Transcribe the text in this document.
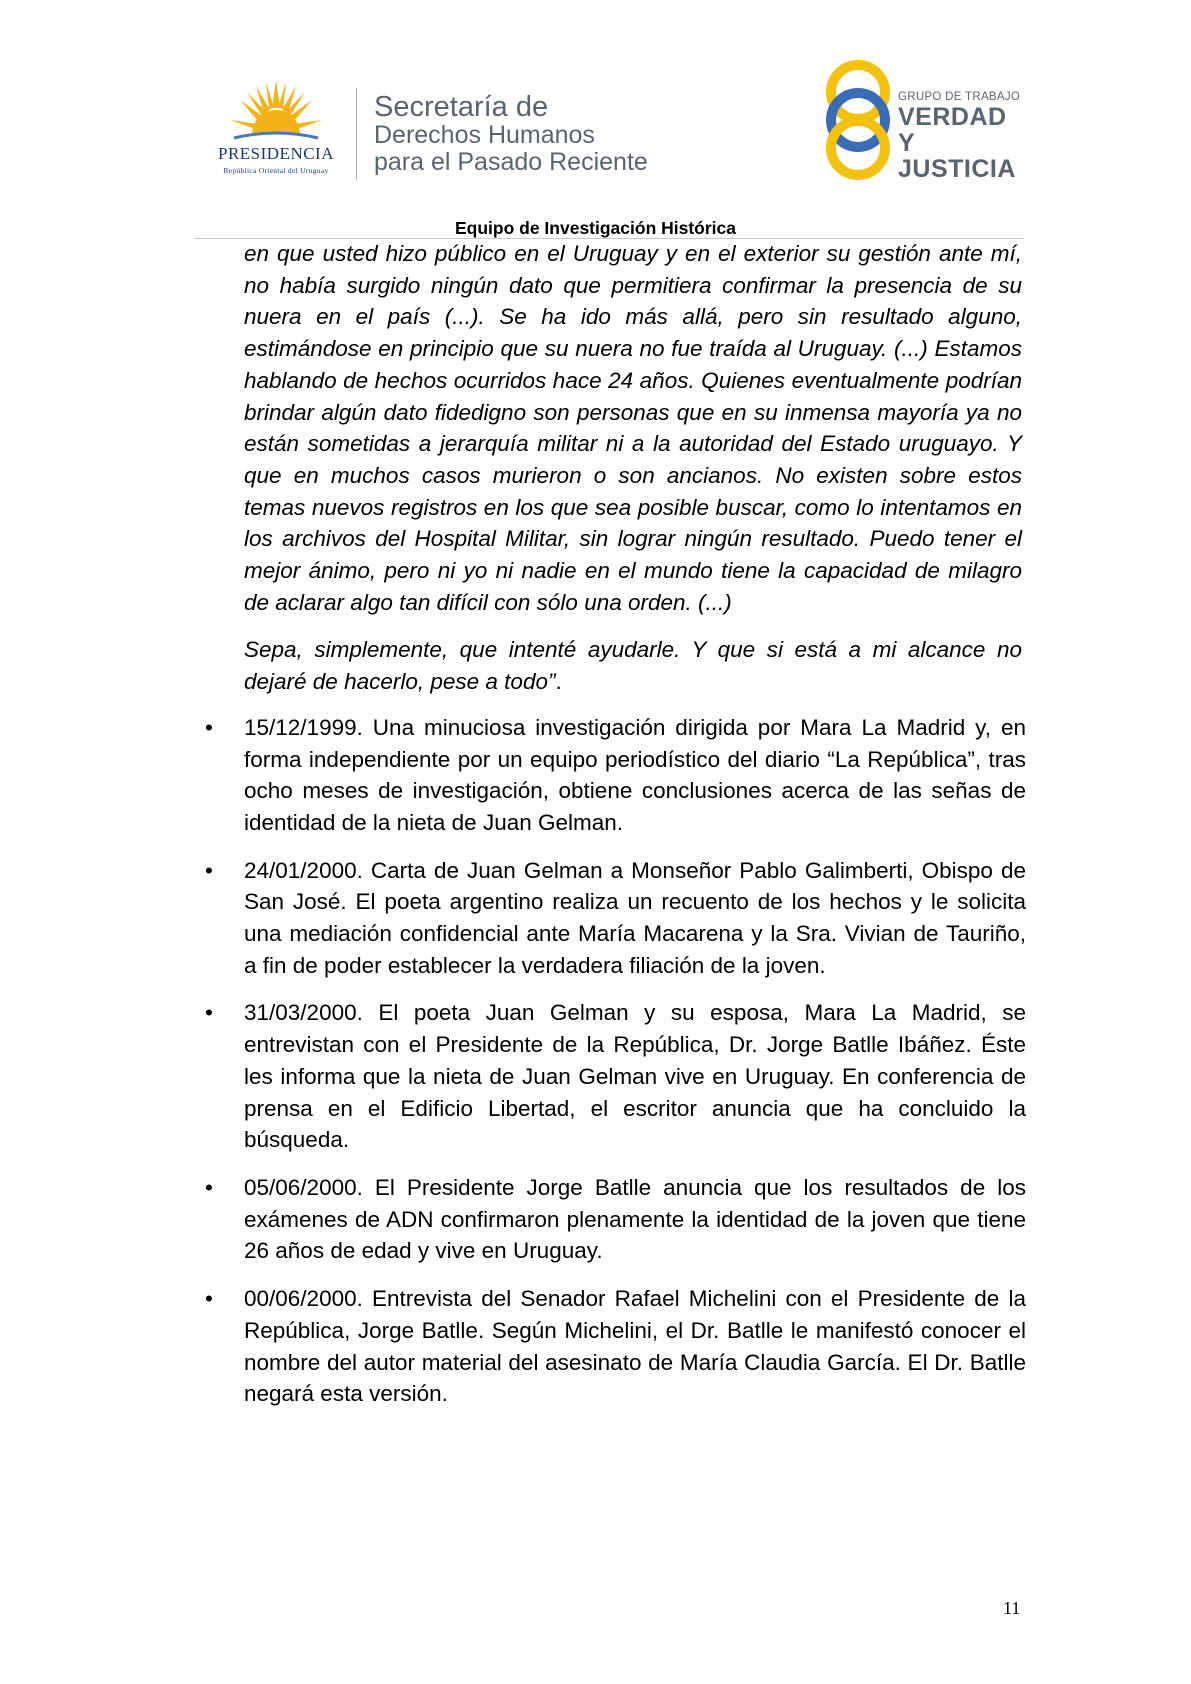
PRESIDENCIA
República Oriental del Uruguay
Secretaría de
Derechos Humanos
para el Pasado Reciente
GRUPO DE TRABAJO
VERDAD Y
JUSTICIA
Equipo de Investigación Histórica

en que usted hizo público en el Uruguay y en el exterior su gestión ante mí, no había surgido ningún dato que permitiera confirmar la presencia de su nuera en el país (...). Se ha ido más allá, pero sin resultado alguno, estimándose en principio que su nuera no fue traída al Uruguay. (...) Estamos hablando de hechos ocurridos hace 24 años. Quienes eventualmente podrían brindar algún dato fidedigno son personas que en su inmensa mayoría ya no están sometidas a jerarquía militar ni a la autoridad del Estado uruguayo. Y que en muchos casos murieron o son ancianos. No existen sobre estos temas nuevos registros en los que sea posible buscar, como lo intentamos en los archivos del Hospital Militar, sin lograr ningún resultado. Puedo tener el mejor ánimo, pero ni yo ni nadie en el mundo tiene la capacidad de milagro de aclarar algo tan difícil con sólo una orden. (...)

Sepa, simplemente, que intenté ayudarle. Y que si está a mi alcance no dejaré de hacerlo, pese a todo”.

• 15/12/1999. Una minuciosa investigación dirigida por Mara La Madrid y, en forma independiente por un equipo periodístico del diario “La República”, tras ocho meses de investigación, obtiene conclusiones acerca de las señas de identidad de la nieta de Juan Gelman.
• 24/01/2000. Carta de Juan Gelman a Monseñor Pablo Galimberti, Obispo de San José. El poeta argentino realiza un recuento de los hechos y le solicita una mediación confidencial ante María Macarena y la Sra. Vivian de Tauriño, a fin de poder establecer la verdadera filiación de la joven.
• 31/03/2000. El poeta Juan Gelman y su esposa, Mara La Madrid, se entrevistan con el Presidente de la República, Dr. Jorge Batlle Ibáñez. Éste les informa que la nieta de Juan Gelman vive en Uruguay. En conferencia de prensa en el Edificio Libertad, el escritor anuncia que ha concluido la búsqueda.
• 05/06/2000. El Presidente Jorge Batlle anuncia que los resultados de los exámenes de ADN confirmaron plenamente la identidad de la joven que tiene 26 años de edad y vive en Uruguay.
• 00/06/2000. Entrevista del Senador Rafael Michelini con el Presidente de la República, Jorge Batlle. Según Michelini, el Dr. Batlle le manifestó conocer el nombre del autor material del asesinato de María Claudia García. El Dr. Batlle negará esta versión.
11
